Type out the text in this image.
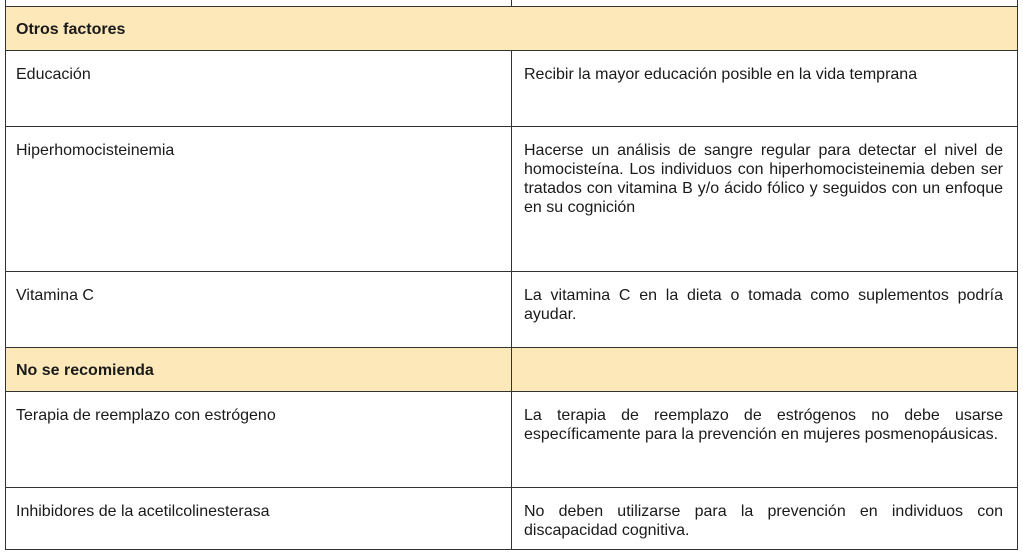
Otros factores	
Educación	Recibir la mayor educación posible en la vida temprana
Hiperhomocisteinemia	Hacerse un análisis de sangre regular para detectar el nivel de homocisteína. Los individuos con hiperhomocisteinemia deben ser tratados con vitamina B y/o ácido fólico y seguidos con un enfoque en su cognición
Vitamina C	La vitamina C en la dieta o tomada como suplementos podría ayudar.
No se recomienda	
Terapia de reemplazo con estrógeno	La terapia de reemplazo de estrógenos no debe usarse específicamente para la prevención en mujeres posmenopáusicas.
Inhibidores de la acetilcolinesterasa	No deben utilizarse para la prevención en individuos con discapacidad cognitiva.
